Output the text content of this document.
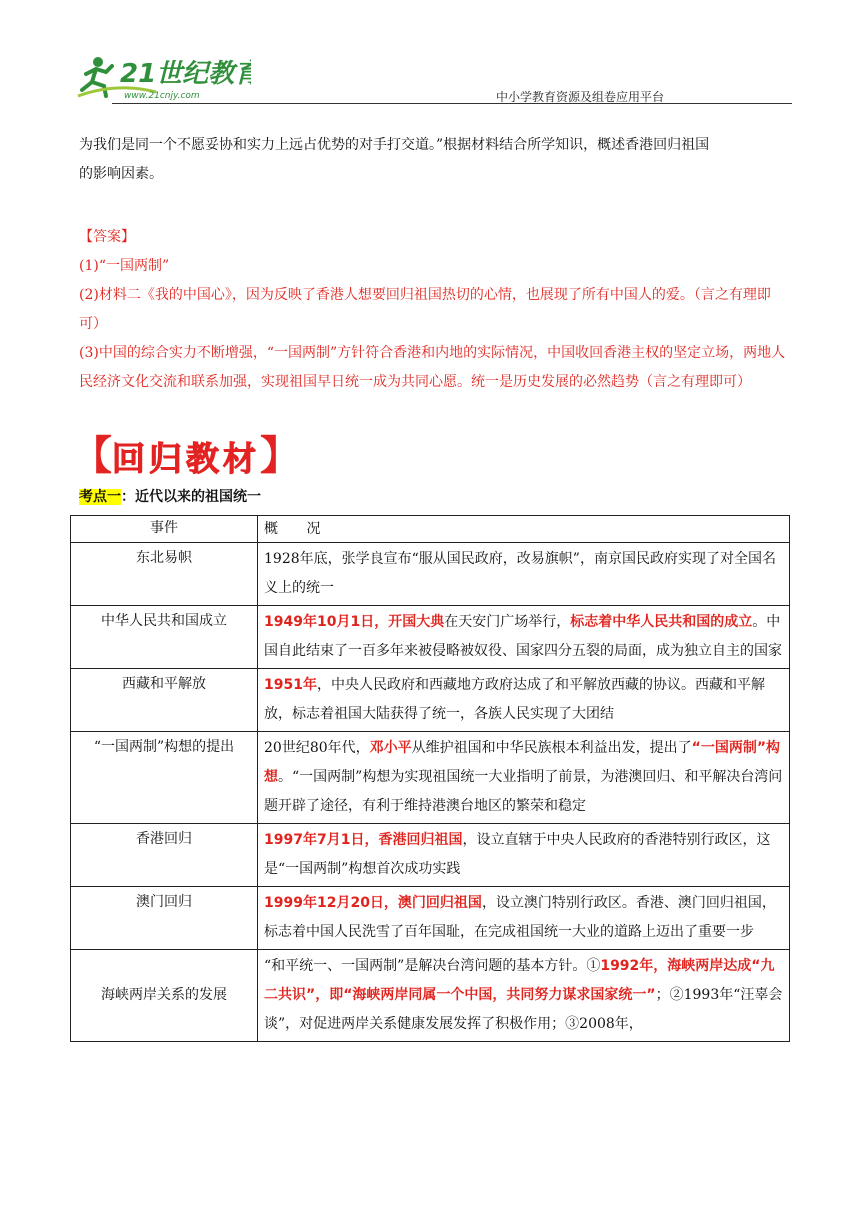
21世纪教育
www.21cnjy.com	中小学教育资源及组卷应用平台
为我们是同一个不愿妥协和实力上远占优势的对手打交道。”根据材料结合所学知识，概述香港回归祖国
的影响因素。
【答案】
(1)“一国两制”
(2)材料二《我的中国心》，因为反映了香港人想要回归祖国热切的心情，也展现了所有中国人的爱。（言之有理即可）
(3)中国的综合实力不断增强，“一国两制”方针符合香港和内地的实际情况，中国收回香港主权的坚定立场，两地人民经济文化交流和联系加强，实现祖国早日统一成为共同心愿。统一是历史发展的必然趋势（言之有理即可）
【 回归教材 】
考点一：近代以来的祖国统一
事件	概 况
东北易帜	1928年底，张学良宣布“服从国民政府，改易旗帜”，南京国民政府实现了对全国名义上的统一
中华人民共和国成立	1949年10月1日，开国大典在天安门广场举行，标志着中华人民共和国的成立。中国自此结束了一百多年来被侵略被奴役、国家四分五裂的局面，成为独立自主的国家
西藏和平解放	1951年，中央人民政府和西藏地方政府达成了和平解放西藏的协议。西藏和平解放，标志着祖国大陆获得了统一，各族人民实现了大团结
“一国两制”构想的提出	20世纪80年代，邓小平从维护祖国和中华民族根本利益出发，提出了“一国两制”构想。“一国两制”构想为实现祖国统一大业指明了前景，为港澳回归、和平解决台湾问题开辟了途径，有利于维持港澳台地区的繁荣和稳定
香港回归	1997年7月1日，香港回归祖国，设立直辖于中央人民政府的香港特别行政区，这是“一国两制”构想首次成功实践
澳门回归	1999年12月20日，澳门回归祖国，设立澳门特别行政区。香港、澳门回归祖国，标志着中国人民洗雪了百年国耻，在完成祖国统一大业的道路上迈出了重要一步
海峡两岸关系的发展	“和平统一、一国两制”是解决台湾问题的基本方针。①1992年，海峡两岸达成“九二共识”，即“海峡两岸同属一个中国，共同努力谋求国家统一”；②1993年“汪辜会谈”，对促进两岸关系健康发展发挥了积极作用；③2008年，
